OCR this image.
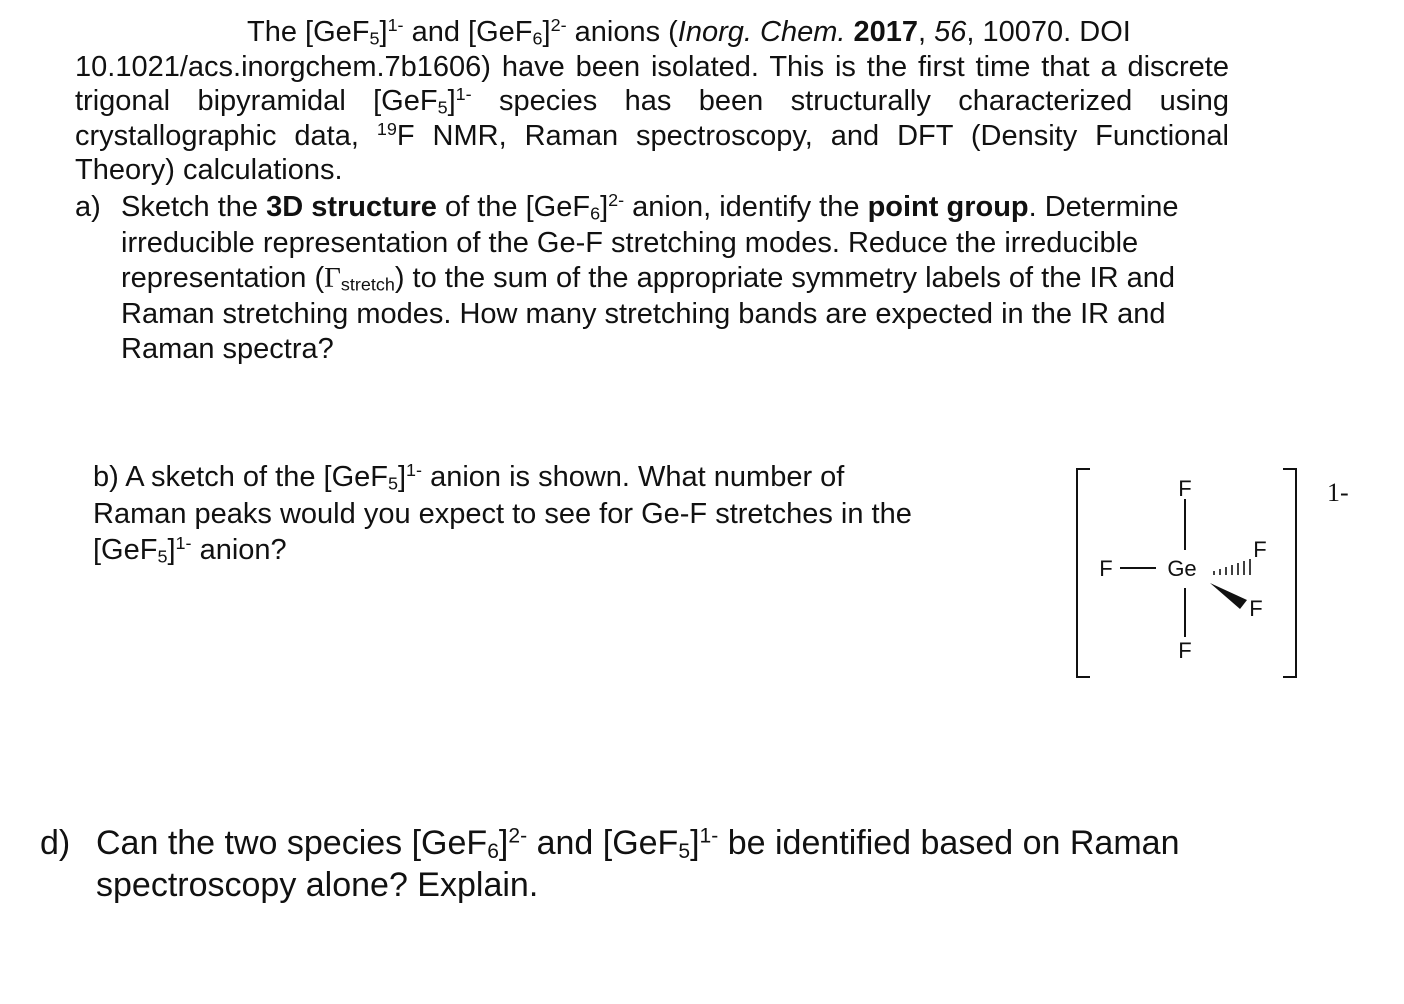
The $[GeF_5]^{1-}$ and $[GeF_6]^{2-}$ anions (Inorg. Chem. 2017, 56, 10070. DOI
10.1021/acs.inorgchem.7b1606) have been isolated. This is the first time that a discrete
trigonal bipyramidal $[GeF_5]^{1-}$ species has been structurally characterized using
crystallographic data, $^{19}$F NMR, Raman spectroscopy, and DFT (Density Functional
Theory) calculations.
a) Sketch the 3D structure of the $[GeF_6]^{2-}$ anion, identify the point group. Determine
irreducible representation of the Ge-F stretching modes. Reduce the irreducible
representation $(\Gamma_{stretch})$ to the sum of the appropriate symmetry labels of the IR and
Raman stretching modes. How many stretching bands are expected in the IR and
Raman spectra?
b) A sketch of the $[GeF_5]^{1-}$ anion is shown. What number of
Raman peaks would you expect to see for Ge-F stretches in the
$[GeF_5]^{1-}$ anion?
F
F Ge
F
F
F
1-
d) Can the two species $[GeF_6]^{2-}$ and $[GeF_5]^{1-}$ be identified based on Raman
spectroscopy alone? Explain.
